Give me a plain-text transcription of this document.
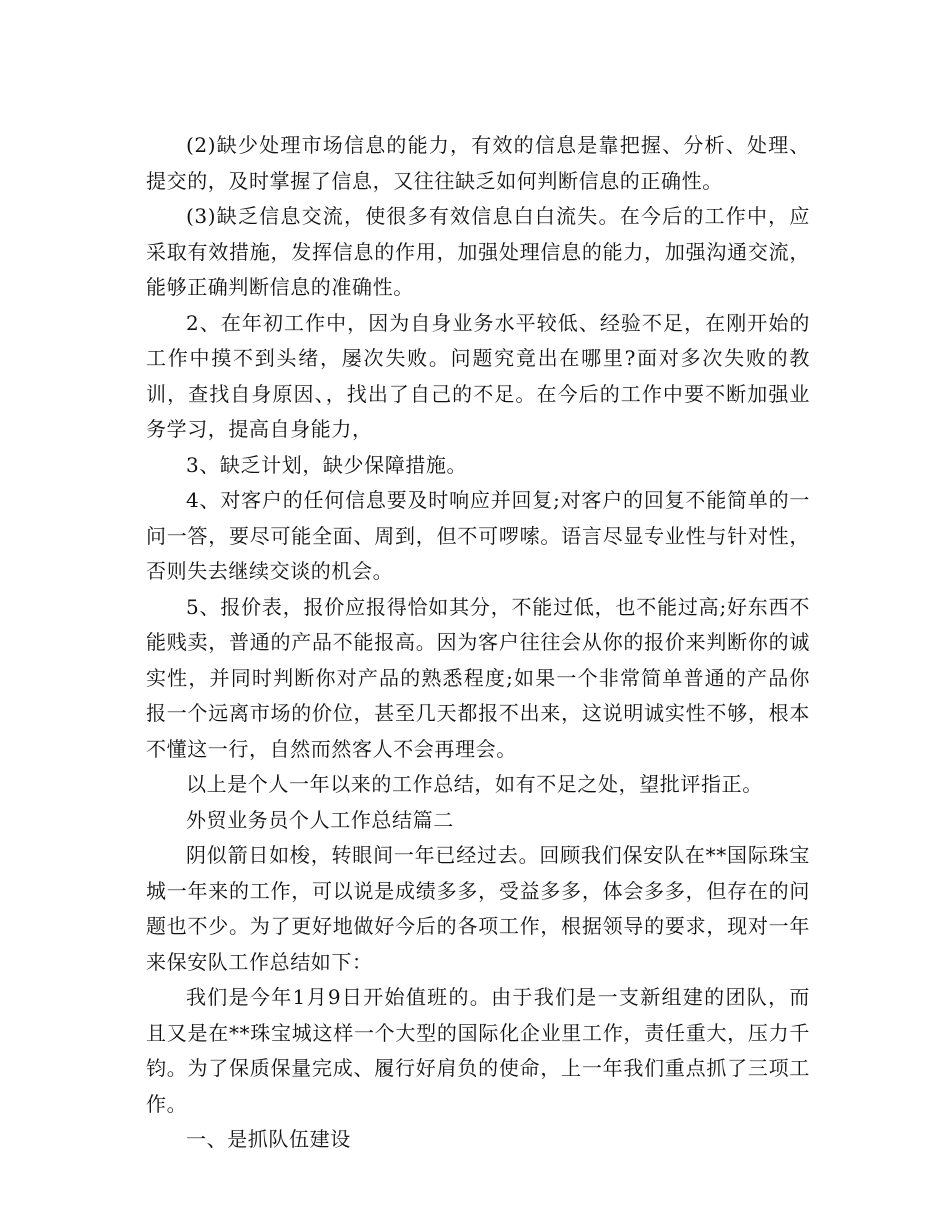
(2)缺少处理市场信息的能力，有效的信息是靠把握、分析、处理、提交的，及时掌握了信息，又往往缺乏如何判断信息的正确性。

(3)缺乏信息交流，使很多有效信息白白流失。在今后的工作中，应采取有效措施，发挥信息的作用，加强处理信息的能力，加强沟通交流，能够正确判断信息的准确性。

2、在年初工作中，因为自身业务水平较低、经验不足，在刚开始的工作中摸不到头绪，屡次失败。问题究竟出在哪里?面对多次失败的教训，查找自身原因、，找出了自己的不足。在今后的工作中要不断加强业务学习，提高自身能力，

3、缺乏计划，缺少保障措施。

4、对客户的任何信息要及时响应并回复;对客户的回复不能简单的一问一答，要尽可能全面、周到，但不可啰嗦。语言尽显专业性与针对性，否则失去继续交谈的机会。

5、报价表，报价应报得恰如其分，不能过低，也不能过高;好东西不能贱卖，普通的产品不能报高。因为客户往往会从你的报价来判断你的诚实性，并同时判断你对产品的熟悉程度;如果一个非常简单普通的产品你报一个远离市场的价位，甚至几天都报不出来，这说明诚实性不够，根本不懂这一行，自然而然客人不会再理会。

以上是个人一年以来的工作总结，如有不足之处，望批评指正。

外贸业务员个人工作总结篇二

阴似箭日如梭，转眼间一年已经过去。回顾我们保安队在**国际珠宝城一年来的工作，可以说是成绩多多，受益多多，体会多多，但存在的问题也不少。为了更好地做好今后的各项工作，根据领导的要求，现对一年来保安队工作总结如下：

我们是今年1月9日开始值班的。由于我们是一支新组建的团队，而且又是在**珠宝城这样一个大型的国际化企业里工作，责任重大，压力千钧。为了保质保量完成、履行好肩负的使命，上一年我们重点抓了三项工作。

一、是抓队伍建设
